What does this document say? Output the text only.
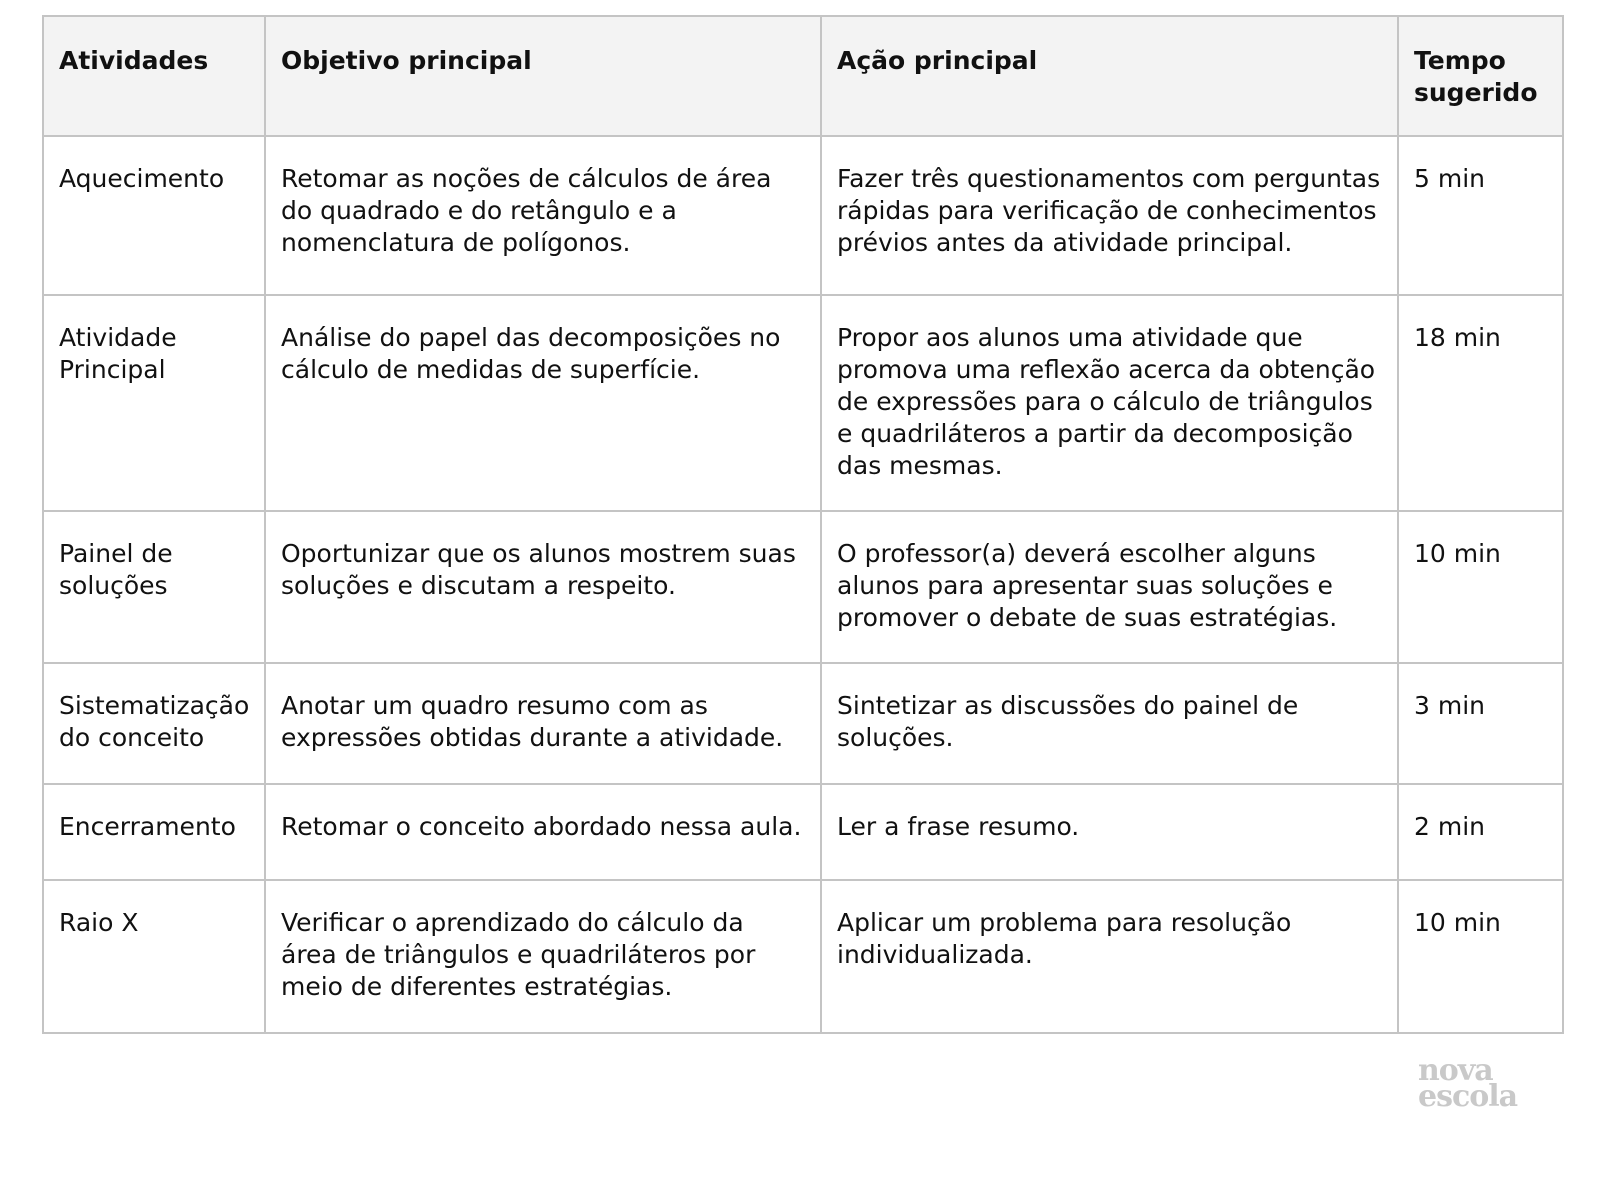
Atividades	Objetivo principal	Ação principal	Tempo sugerido
Aquecimento	Retomar as noções de cálculos de área do quadrado e do retângulo e a nomenclatura de polígonos.	Fazer três questionamentos com perguntas rápidas para verificação de conhecimentos prévios antes da atividade principal.	5 min
Atividade Principal	Análise do papel das decomposições no cálculo de medidas de superfície.	Propor aos alunos uma atividade que promova uma reflexão acerca da obtenção de expressões para o cálculo de triângulos e quadriláteros a partir da decomposição das mesmas.	18 min
Painel de soluções	Oportunizar que os alunos mostrem suas soluções e discutam a respeito.	O professor(a) deverá escolher alguns alunos para apresentar suas soluções e promover o debate de suas estratégias.	10 min
Sistematização do conceito	Anotar um quadro resumo com as expressões obtidas durante a atividade.	Sintetizar as discussões do painel de soluções.	3 min
Encerramento	Retomar o conceito abordado nessa aula.	Ler a frase resumo.	2 min
Raio X	Verificar o aprendizado do cálculo da área de triângulos e quadriláteros por meio de diferentes estratégias.	Aplicar um problema para resolução individualizada.	10 min
nova
escola
